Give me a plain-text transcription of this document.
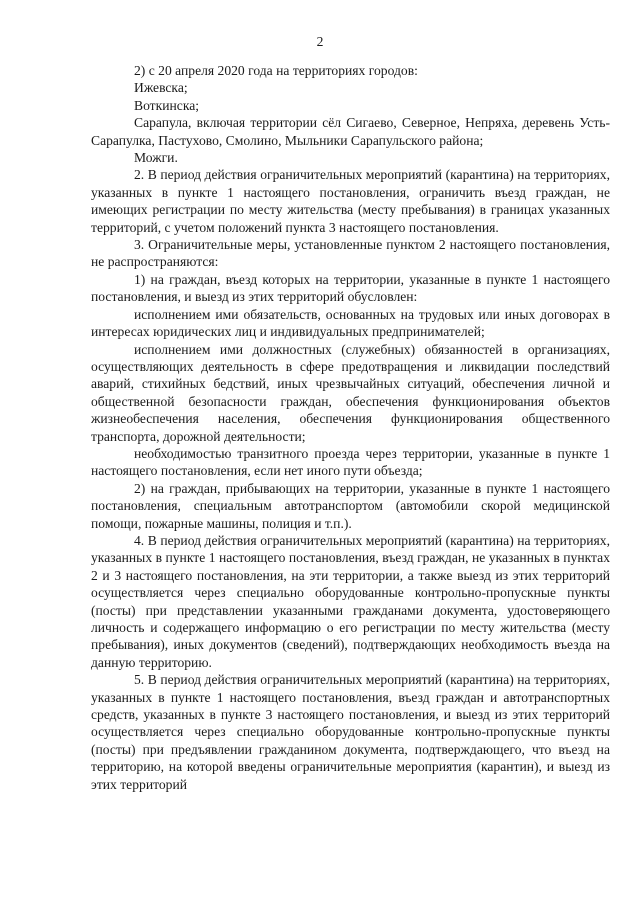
2

2) с 20 апреля 2020 года на территориях городов:

Ижевска;

Воткинска;

Сарапула, включая территории сёл Сигаево, Северное, Непряха, деревень Усть-Сарапулка, Пастухово, Смолино, Мыльники Сарапульского района;

Можги.

2. В период действия ограничительных мероприятий (карантина) на территориях, указанных в пункте 1 настоящего постановления, ограничить въезд граждан, не имеющих регистрации по месту жительства (месту пребывания) в границах указанных территорий, с учетом положений пункта 3 настоящего постановления.

3. Ограничительные меры, установленные пунктом 2 настоящего постановления, не распространяются:

1) на граждан, въезд которых на территории, указанные в пункте 1 настоящего постановления, и выезд из этих территорий обусловлен:

исполнением ими обязательств, основанных на трудовых или иных договорах в интересах юридических лиц и индивидуальных предпринимателей;

исполнением ими должностных (служебных) обязанностей в организациях, осуществляющих деятельность в сфере предотвращения и ликвидации последствий аварий, стихийных бедствий, иных чрезвычайных ситуаций, обеспечения личной и общественной безопасности граждан, обеспечения функционирования объектов жизнеобеспечения населения, обеспечения функционирования общественного транспорта, дорожной деятельности;

необходимостью транзитного проезда через территории, указанные в пункте 1 настоящего постановления, если нет иного пути объезда;

2) на граждан, прибывающих на территории, указанные в пункте 1 настоящего постановления, специальным автотранспортом (автомобили скорой медицинской помощи, пожарные машины, полиция и т.п.).

4. В период действия ограничительных мероприятий (карантина) на территориях, указанных в пункте 1 настоящего постановления, въезд граждан, не указанных в пунктах 2 и 3 настоящего постановления, на эти территории, а также выезд из этих территорий осуществляется через специально оборудованные контрольно-пропускные пункты (посты) при представлении указанными гражданами документа, удостоверяющего личность и содержащего информацию о его регистрации по месту жительства (месту пребывания), иных документов (сведений), подтверждающих необходимость въезда на данную территорию.

5. В период действия ограничительных мероприятий (карантина) на территориях, указанных в пункте 1 настоящего постановления, въезд граждан и автотранспортных средств, указанных в пункте 3 настоящего постановления, и выезд из этих территорий осуществляется через специально оборудованные контрольно-пропускные пункты (посты) при предъявлении гражданином документа, подтверждающего, что въезд на территорию, на которой введены ограничительные мероприятия (карантин), и выезд из этих территорий
